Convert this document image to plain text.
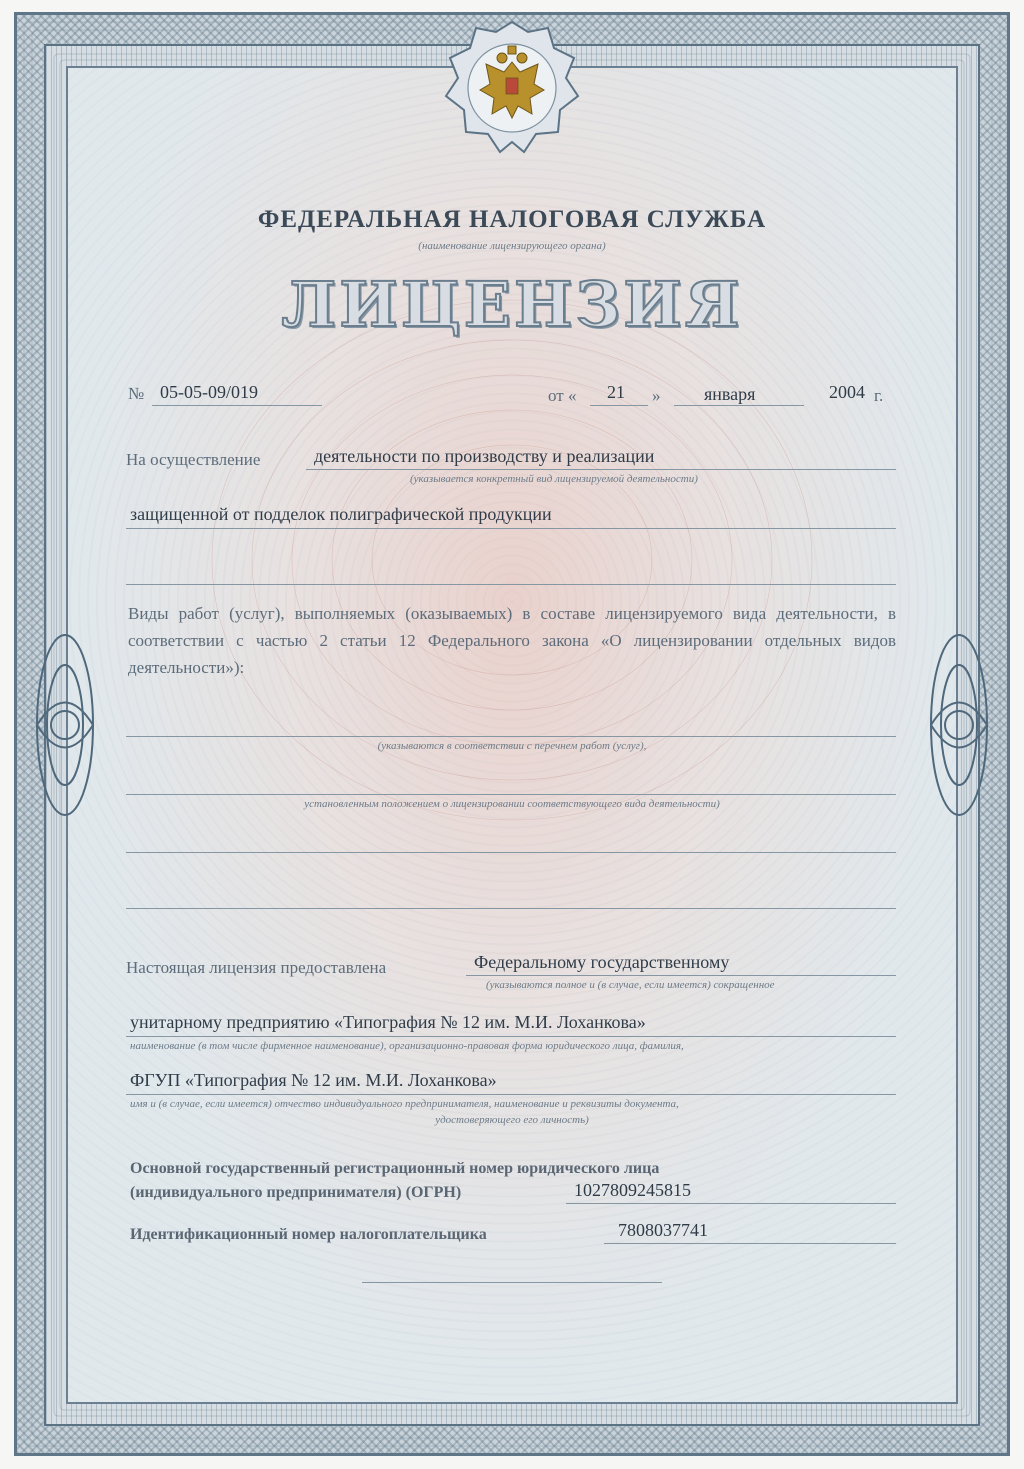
ФЕДЕРАЛЬНАЯ НАЛОГОВАЯ СЛУЖБА
(наименование лицензирующего органа)
ЛИЦЕНЗИЯ
№ 05-05-09/019	от « 21 » января	2004 г.
На осуществление	деятельности по производству и реализации
(указывается конкретный вид лицензируемой деятельности)
защищенной от подделок полиграфической продукции
Виды работ (услуг), выполняемых (оказываемых) в составе лицензируемого вида деятельности, в соответствии с частью 2 статьи 12 Федерального закона «О лицензировании отдельных видов деятельности»):
(указываются в соответствии с перечнем работ (услуг),
установленным положением о лицензировании соответствующего вида деятельности)
Настоящая лицензия предоставлена	Федеральному государственному
(указываются полное и (в случае, если имеется) сокращенное
унитарному предприятию «Типография № 12 им. М.И. Лоханкова»
наименование (в том числе фирменное наименование), организационно-правовая форма юридического лица, фамилия,
ФГУП «Типография № 12 им. М.И. Лоханкова»
имя и (в случае, если имеется) отчество индивидуального предпринимателя, наименование и реквизиты документа,
удостоверяющего его личность)
Основной государственный регистрационный номер юридического лица
(индивидуального предпринимателя) (ОГРН)	1027809245815
Идентификационный номер налогоплательщика	7808037741
